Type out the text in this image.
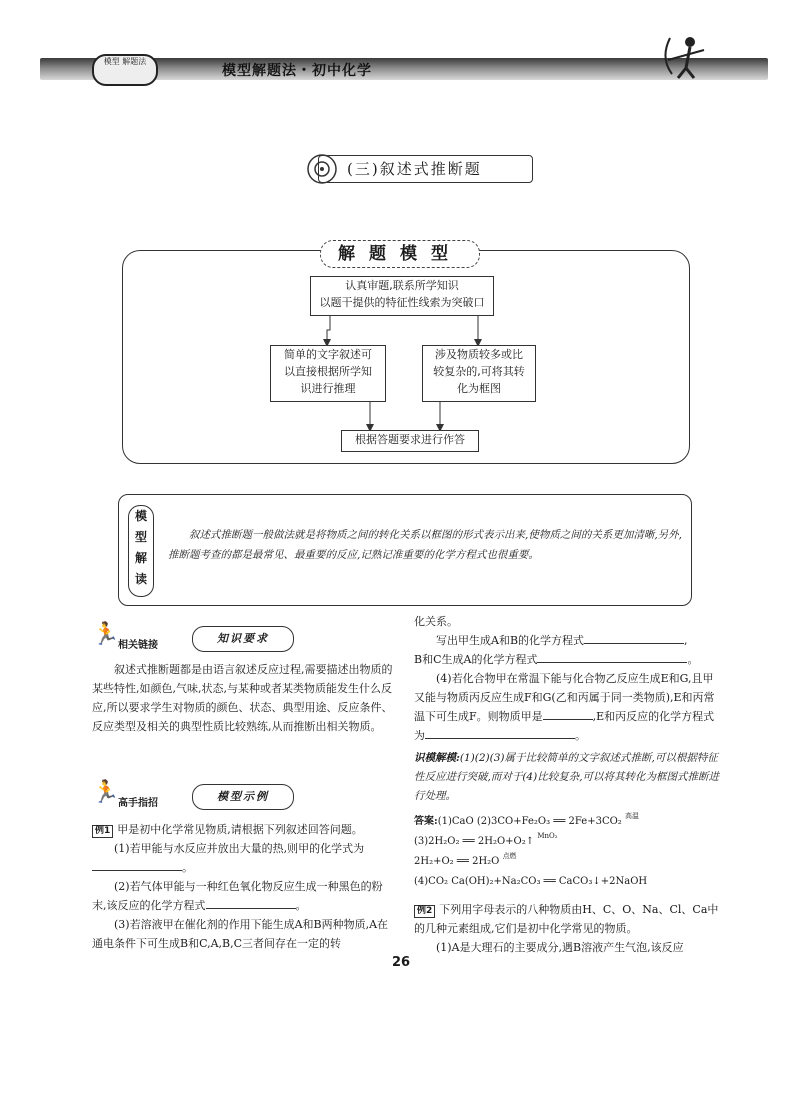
模型 解题法
模型解题法・初中化学
(三)叙述式推断题
解题模型
认真审题,联系所学知识
以题干提供的特征性线索为突破口
简单的文字叙述可
以直接根据所学知
识进行推理
涉及物质较多或比
较复杂的,可将其转
化为框图
根据答题要求进行作答
模
型
解
读
叙述式推断题一般做法就是将物质之间的转化关系以框图的形式表示出来,使物质之间的关系更加清晰,另外,推断题考查的都是最常见、最重要的反应,记熟记准重要的化学方程式也很重要。
🏃
相关链接
知识要求

叙述式推断题都是由语言叙述反应过程,需要描述出物质的某些特性,如颜色,气味,状态,与某种或者某类物质能发生什么反应,所以要求学生对物质的颜色、状态、典型用途、反应条件、反应类型及相关的典型性质比较熟练,从而推断出相关物质。

🏃
高手指招
模型示例

例1 甲是初中化学常见物质,请根据下列叙述回答问题。

(1)若甲能与水反应并放出大量的热,则甲的化学式为

。

(2)若气体甲能与一种红色氧化物反应生成一种黑色的粉末,该反应的化学方程式	。

(3)若溶液甲在催化剂的作用下能生成A和B两种物质,A在通电条件下可生成B和C,A,B,C三者间存在一定的转

化关系。

写出甲生成A和B的化学方程式	,

B和C生成A的化学方程式	。

(4)若化合物甲在常温下能与化合物乙反应生成E和G,且甲又能与物质丙反应生成F和G(乙和丙属于同一类物质),E和丙常温下可生成F。则物质甲是	,E和丙反应的化学方程式为	。

识模解模:(1)(2)(3)属于比较简单的文字叙述式推断,可以根据特征性反应进行突破,而对于(4)比较复杂,可以将其转化为框图式推断进行处理。

答案:(1)CaO (2)3CO+Fe₂O₃ ══ 2Fe+3CO₂ $^{高温}$
(3)2H₂O₂ ══ 2H₂O+O₂↑ $^{MnO_2}$
2H₂+O₂ ══ 2H₂O $^{点燃}$
(4)CO₂ Ca(OH)₂+Na₂CO₃ ══ CaCO₃↓+2NaOH

例2 下列用字母表示的八种物质由H、C、O、Na、Cl、Ca中的几种元素组成,它们是初中化学常见的物质。

(1)A是大理石的主要成分,遇B溶液产生气泡,该反应

26
